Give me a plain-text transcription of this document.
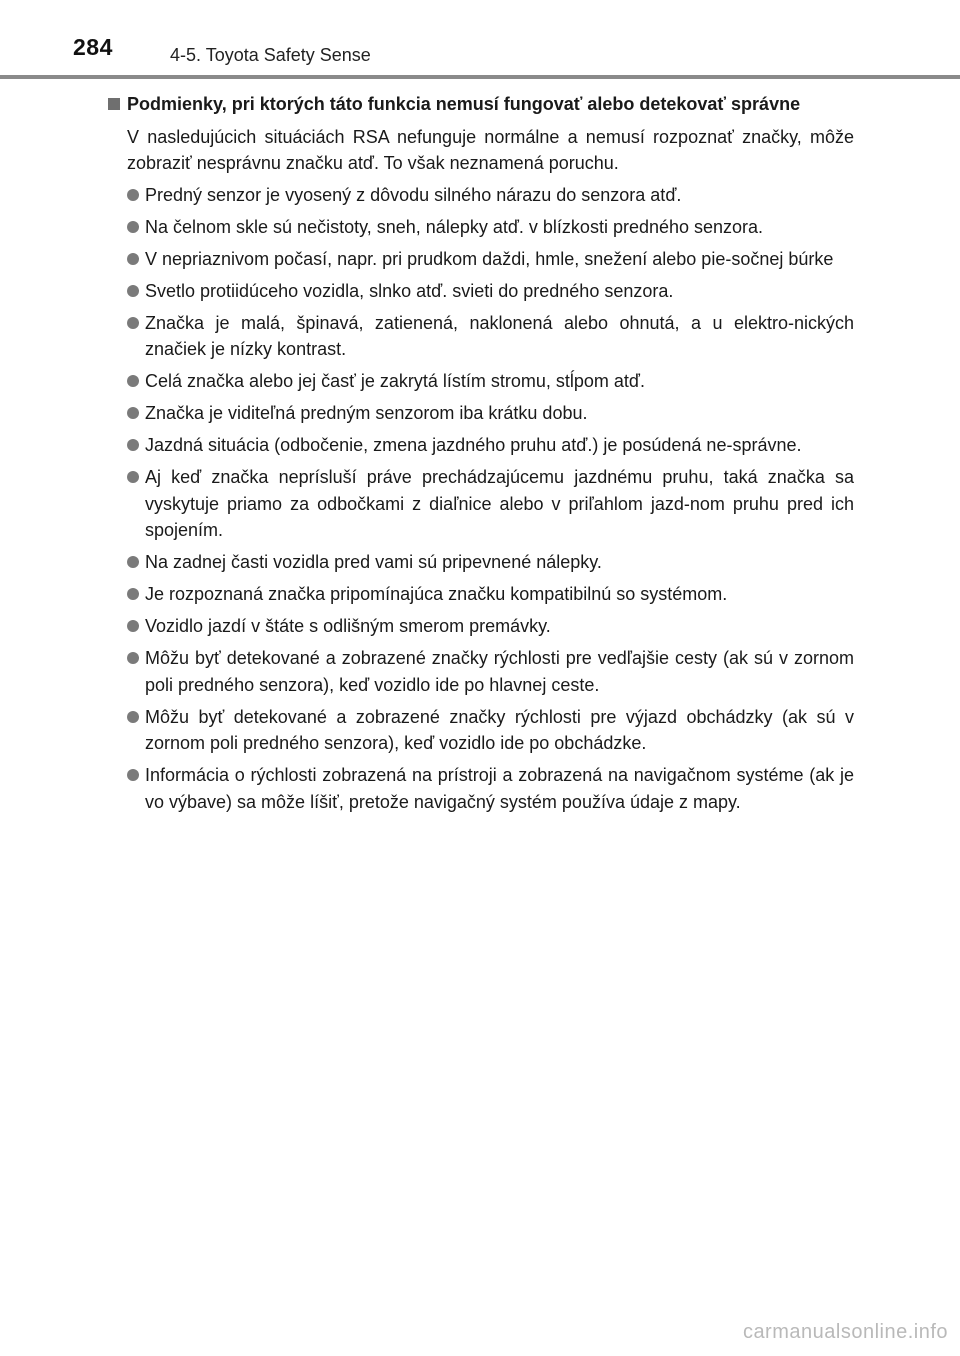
284	4-5. Toyota Safety Sense
Podmienky, pri ktorých táto funkcia nemusí fungovať alebo detekovať správne
V nasledujúcich situáciách RSA nefunguje normálne a nemusí rozpoznať značky, môže zobraziť nesprávnu značku atď. To však neznamená poruchu.
Predný senzor je vyosený z dôvodu silného nárazu do senzora atď.
Na čelnom skle sú nečistoty, sneh, nálepky atď. v blízkosti predného senzora.
V nepriaznivom počasí, napr. pri prudkom daždi, hmle, snežení alebo pie-sočnej búrke
Svetlo protiidúceho vozidla, slnko atď. svieti do predného senzora.
Značka je malá, špinavá, zatienená, naklonená alebo ohnutá, a u elektro-nických značiek je nízky kontrast.
Celá značka alebo jej časť je zakrytá lístím stromu, stĺpom atď.
Značka je viditeľná predným senzorom iba krátku dobu.
Jazdná situácia (odbočenie, zmena jazdného pruhu atď.) je posúdená ne-správne.
Aj keď značka neprísluší práve prechádzajúcemu jazdnému pruhu, taká značka sa vyskytuje priamo za odbočkami z diaľnice alebo v priľahlom jazd-nom pruhu pred ich spojením.
Na zadnej časti vozidla pred vami sú pripevnené nálepky.
Je rozpoznaná značka pripomínajúca značku kompatibilnú so systémom.
Vozidlo jazdí v štáte s odlišným smerom premávky.
Môžu byť detekované a zobrazené značky rýchlosti pre vedľajšie cesty (ak sú v zornom poli predného senzora), keď vozidlo ide po hlavnej ceste.
Môžu byť detekované a zobrazené značky rýchlosti pre výjazd obchádzky (ak sú v zornom poli predného senzora), keď vozidlo ide po obchádzke.
Informácia o rýchlosti zobrazená na prístroji a zobrazená na navigačnom systéme (ak je vo výbave) sa môže líšiť, pretože navigačný systém používa údaje z mapy.
carmanualsonline.info
